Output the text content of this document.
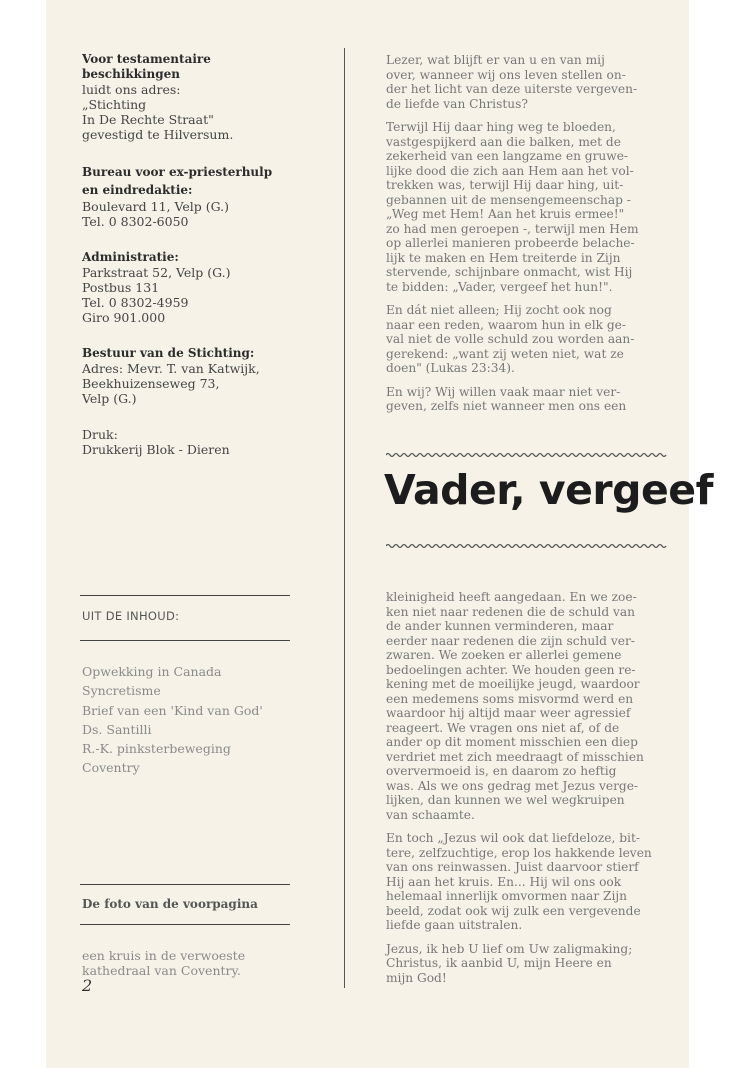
Voor testamentaire
beschikkingen
luidt ons adres:
„Stichting
In De Rechte Straat"
gevestigd te Hilversum.
Bureau voor ex-priesterhulp
en eindredaktie:
Boulevard 11, Velp (G.)
Tel. 0 8302-6050
Administratie:
Parkstraat 52, Velp (G.)
Postbus 131
Tel. 0 8302-4959
Giro 901.000
Bestuur van de Stichting:
Adres: Mevr. T. van Katwijk,
Beekhuizenseweg 73,
Velp (G.)
Druk:
Drukkerij Blok - Dieren
UIT DE INHOUD:
Opwekking in Canada
Syncretisme
Brief van een 'Kind van God'
Ds. Santilli
R.-K. pinksterbeweging
Coventry
De foto van de voorpagina
een kruis in de verwoeste
kathedraal van Coventry.
2

Lezer, wat blijft er van u en van mij
over, wanneer wij ons leven stellen on-
der het licht van deze uiterste vergeven-
de liefde van Christus?

Terwijl Hij daar hing weg te bloeden,
vastgespijkerd aan die balken, met de
zekerheid van een langzame en gruwe-
lijke dood die zich aan Hem aan het vol-
trekken was, terwijl Hij daar hing, uit-
gebannen uit de mensengemeenschap -
„Weg met Hem! Aan het kruis ermee!"
zo had men geroepen -, terwijl men Hem
op allerlei manieren probeerde belache-
lijk te maken en Hem treiterde in Zijn
stervende, schijnbare onmacht, wist Hij
te bidden: „Vader, vergeef het hun!".

En dát niet alleen; Hij zocht ook nog
naar een reden, waarom hun in elk ge-
val niet de volle schuld zou worden aan-
gerekend: „want zij weten niet, wat ze
doen" (Lukas 23:34).

En wij? Wij willen vaak maar niet ver-
geven, zelfs niet wanneer men ons een

Vader, vergeef

kleinigheid heeft aangedaan. En we zoe-
ken niet naar redenen die de schuld van
de ander kunnen verminderen, maar
eerder naar redenen die zijn schuld ver-
zwaren. We zoeken er allerlei gemene
bedoelingen achter. We houden geen re-
kening met de moeilijke jeugd, waardoor
een medemens soms misvormd werd en
waardoor hij altijd maar weer agressief
reageert. We vragen ons niet af, of de
ander op dit moment misschien een diep
verdriet met zich meedraagt of misschien
oververmoeid is, en daarom zo heftig
was. Als we ons gedrag met Jezus verge-
lijken, dan kunnen we wel wegkruipen
van schaamte.

En toch „Jezus wil ook dat liefdeloze, bit-
tere, zelfzuchtige, erop los hakkende leven
van ons reinwassen. Juist daarvoor stierf
Hij aan het kruis. En... Hij wil ons ook
helemaal innerlijk omvormen naar Zijn
beeld, zodat ook wij zulk een vergevende
liefde gaan uitstralen.

Jezus, ik heb U lief om Uw zaligmaking;
Christus, ik aanbid U, mijn Heere en
mijn God!
